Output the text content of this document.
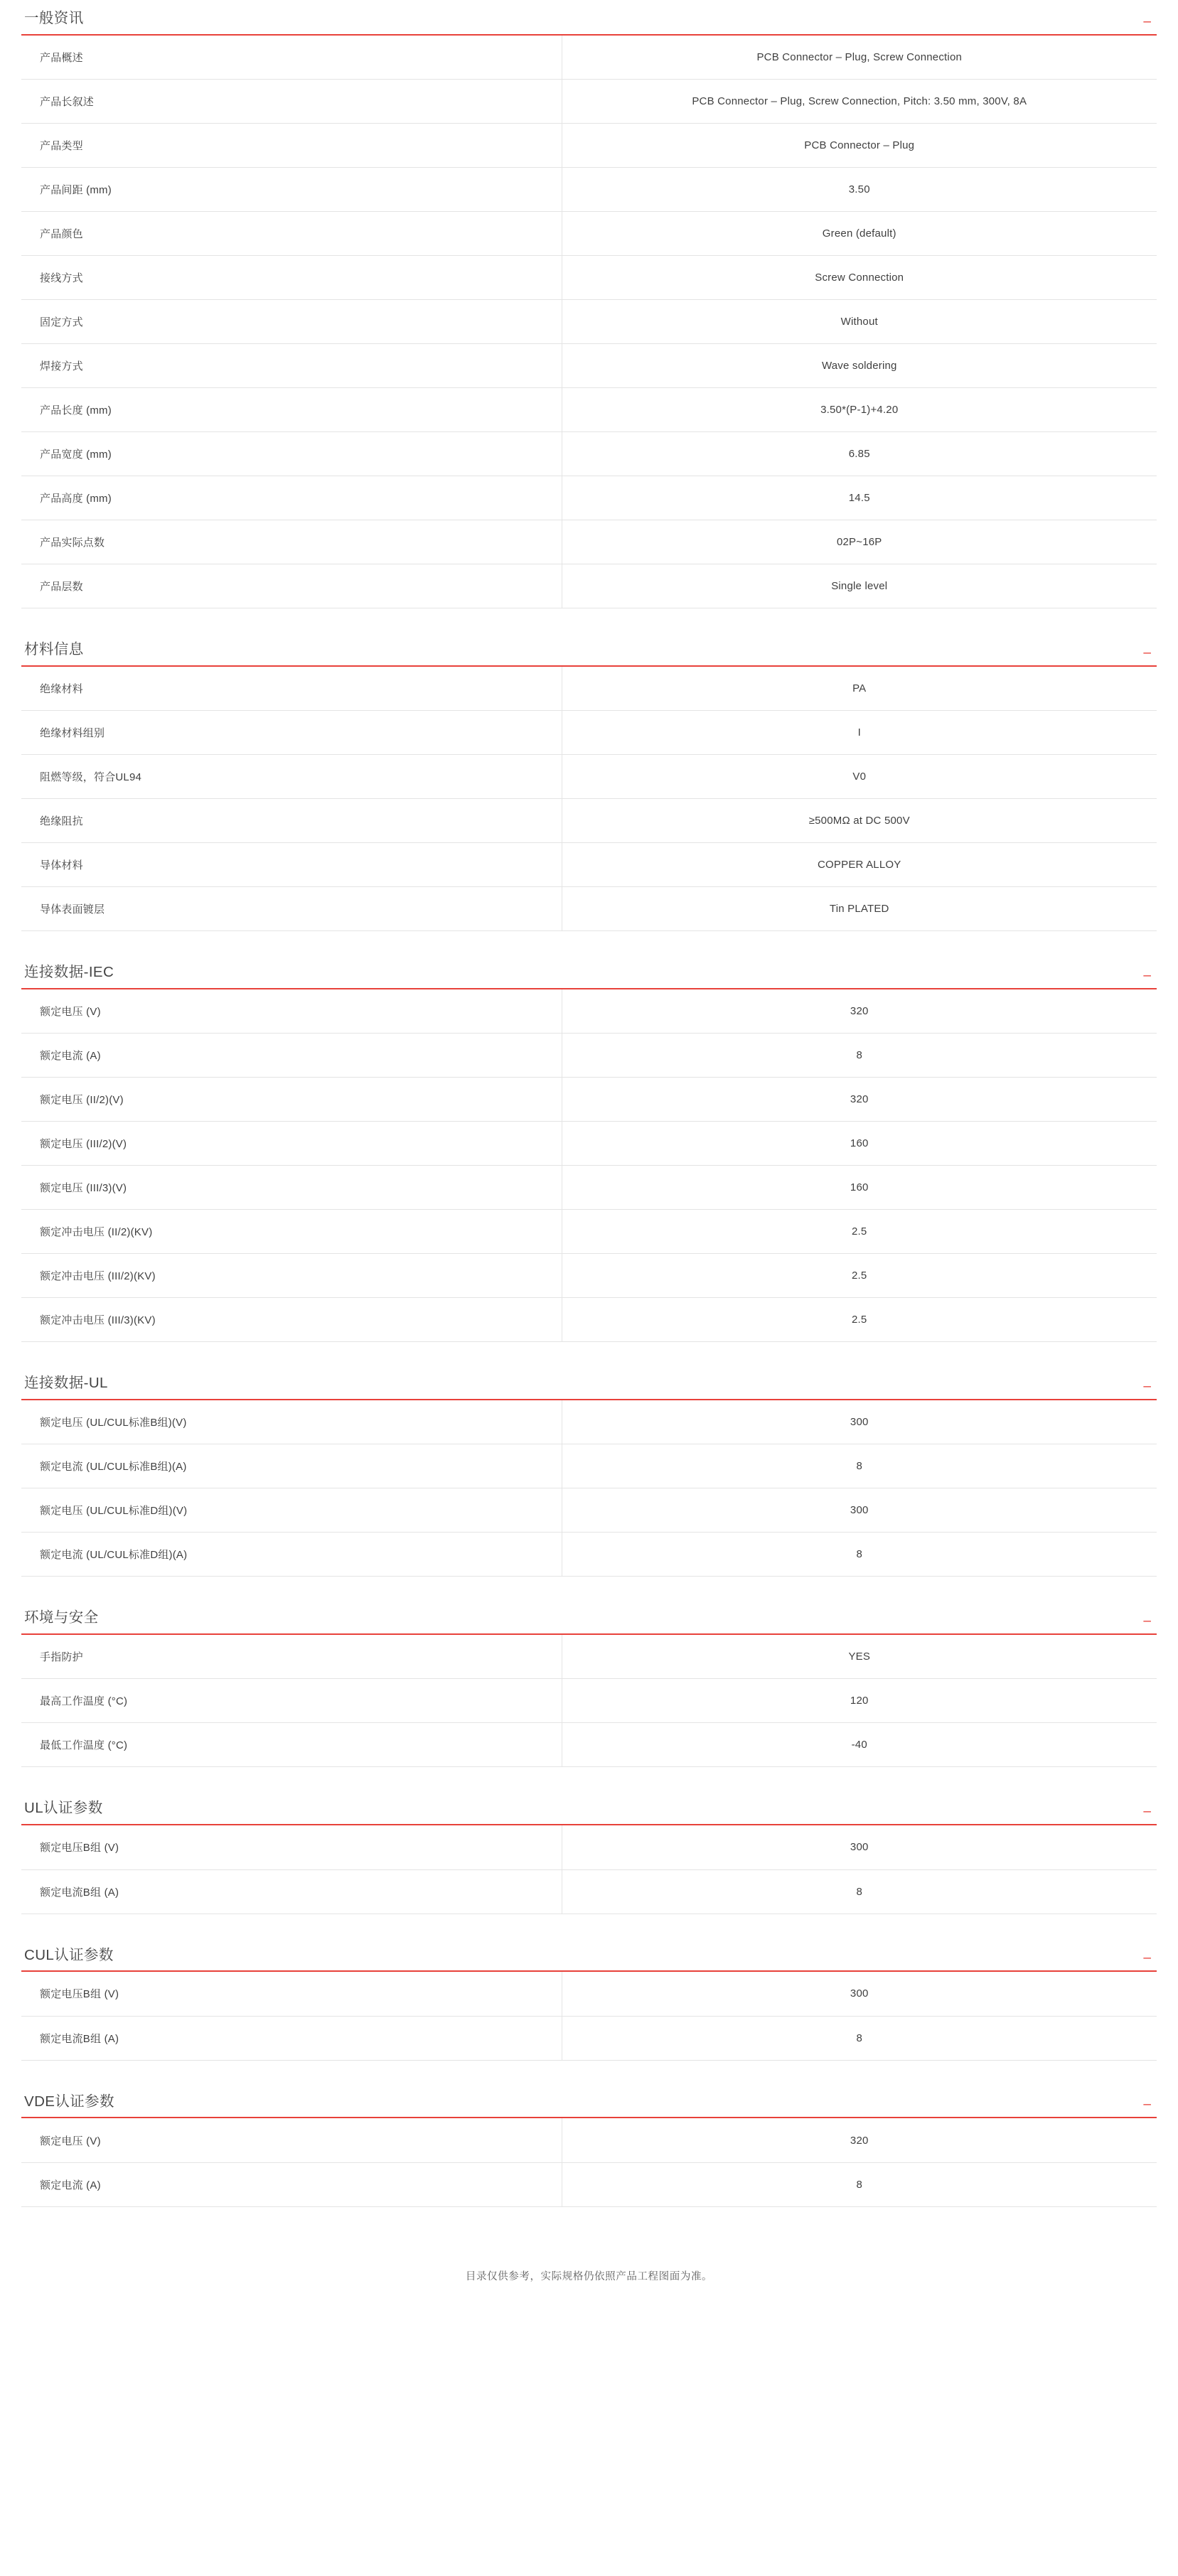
一般资讯	–
产品概述	PCB Connector – Plug, Screw Connection
产品长叙述	PCB Connector – Plug, Screw Connection, Pitch: 3.50 mm, 300V, 8A
产品类型	PCB Connector – Plug
产品间距 (mm)	3.50
产品颜色	Green (default)
接线方式	Screw Connection
固定方式	Without
焊接方式	Wave soldering
产品长度 (mm)	3.50*(P-1)+4.20
产品宽度 (mm)	6.85
产品高度 (mm)	14.5
产品实际点数	02P~16P
产品层数	Single level
材料信息	–
绝缘材料	PA
绝缘材料组别	I
阻燃等级，符合UL94	V0
绝缘阻抗	≥500MΩ at DC 500V
导体材料	COPPER ALLOY
导体表面镀层	Tin PLATED
连接数据-IEC	–
额定电压 (V)	320
额定电流 (A)	8
额定电压 (II/2)(V)	320
额定电压 (III/2)(V)	160
额定电压 (III/3)(V)	160
额定冲击电压 (II/2)(KV)	2.5
额定冲击电压 (III/2)(KV)	2.5
额定冲击电压 (III/3)(KV)	2.5
连接数据-UL	–
额定电压 (UL/CUL标准B组)(V)	300
额定电流 (UL/CUL标准B组)(A)	8
额定电压 (UL/CUL标准D组)(V)	300
额定电流 (UL/CUL标准D组)(A)	8
环境与安全	–
手指防护	YES
最高工作温度 (°C)	120
最低工作温度 (°C)	-40
UL认证参数	–
额定电压B组 (V)	300
额定电流B组 (A)	8
CUL认证参数	–
额定电压B组 (V)	300
额定电流B组 (A)	8
VDE认证参数	–
额定电压 (V)	320
额定电流 (A)	8
目录仅供参考，实际规格仍依照产品工程图面为准。
